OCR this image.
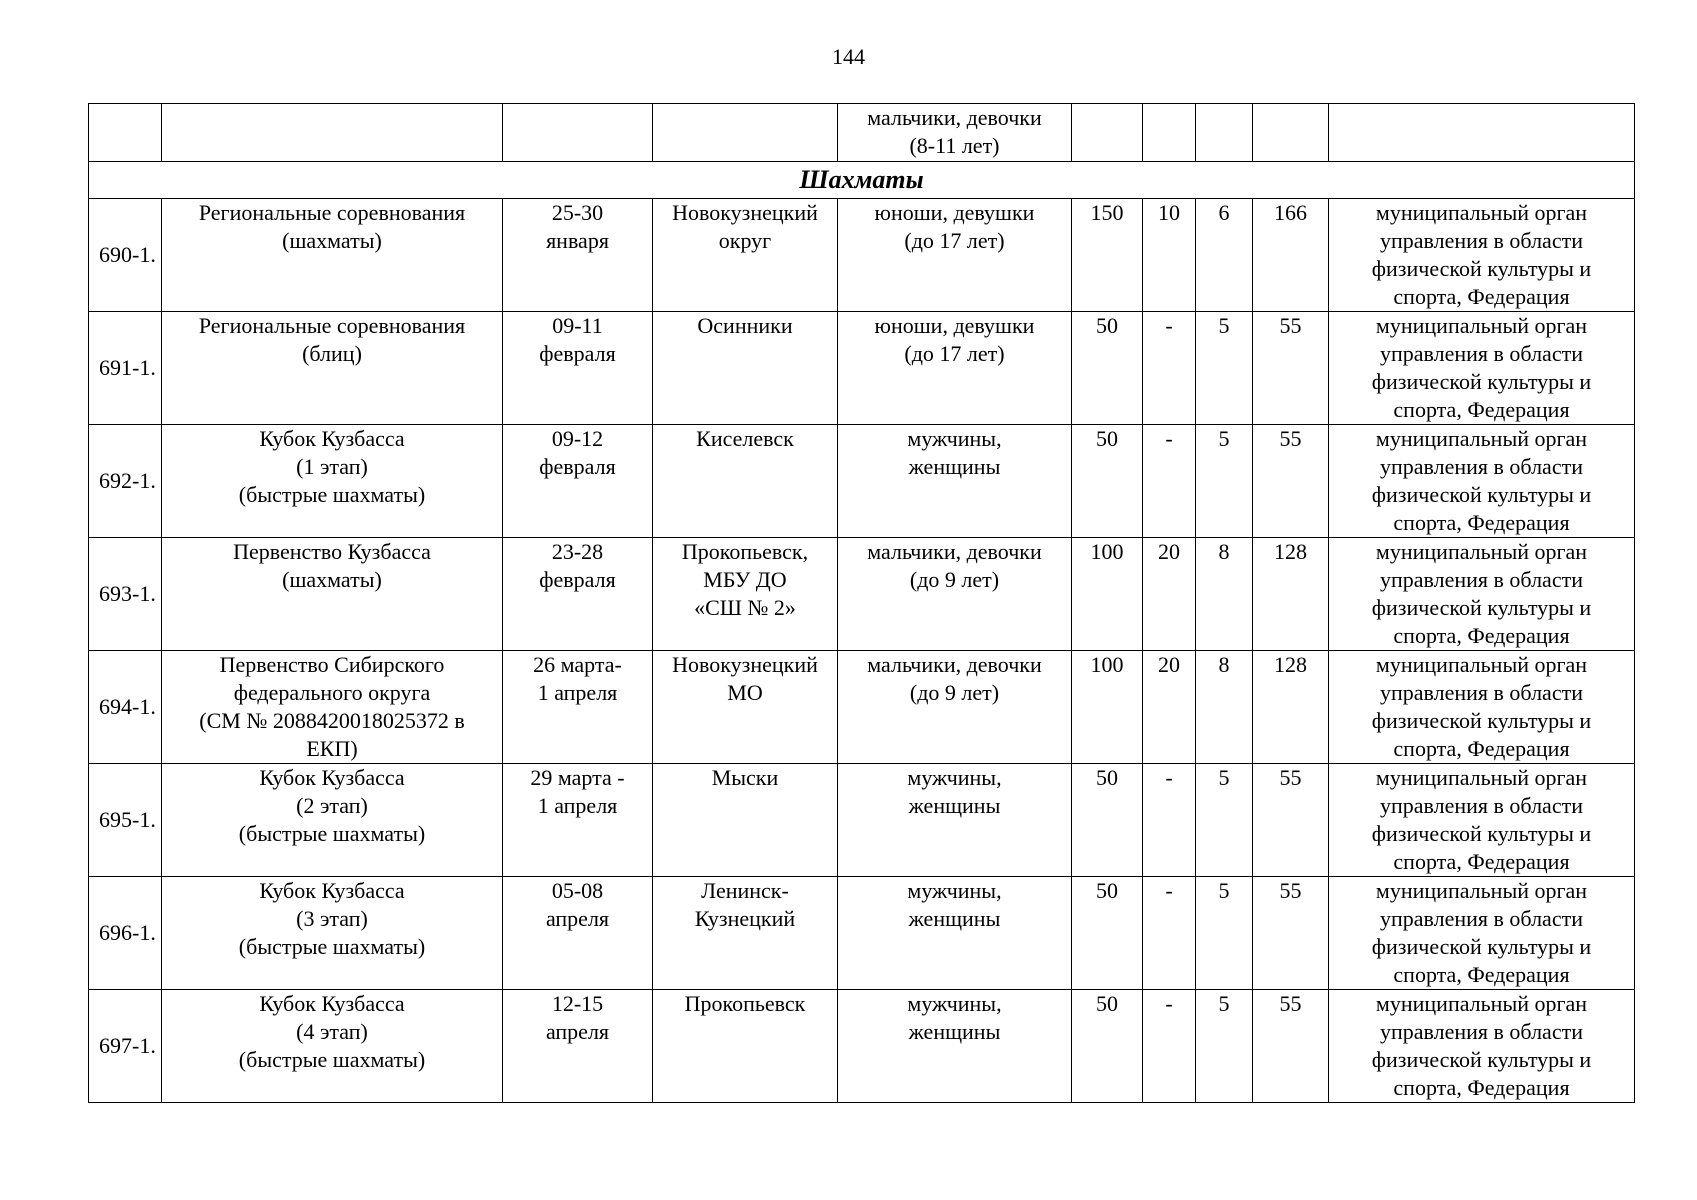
144
				мальчики, девочки
(8-11 лет)					
Шахматы									
690-1.	Региональные соревнования
(шахматы)	25-30
января	Новокузнецкий
округ	юноши, девушки
(до 17 лет)	150	10	6	166	муниципальный орган
управления в области
физической культуры и
спорта, Федерация
691-1.	Региональные соревнования
(блиц)	09-11
февраля	Осинники	юноши, девушки
(до 17 лет)	50	-	5	55	муниципальный орган
управления в области
физической культуры и
спорта, Федерация
692-1.	Кубок Кузбасса
(1 этап)
(быстрые шахматы)	09-12
февраля	Киселевск	мужчины,
женщины	50	-	5	55	муниципальный орган
управления в области
физической культуры и
спорта, Федерация
693-1.	Первенство Кузбасса
(шахматы)	23-28
февраля	Прокопьевск,
МБУ ДО
«СШ № 2»	мальчики, девочки
(до 9 лет)	100	20	8	128	муниципальный орган
управления в области
физической культуры и
спорта, Федерация
694-1.	Первенство Сибирского
федерального округа
(СМ № 2088420018025372 в
ЕКП)	26 марта-
1 апреля	Новокузнецкий
МО	мальчики, девочки
(до 9 лет)	100	20	8	128	муниципальный орган
управления в области
физической культуры и
спорта, Федерация
695-1.	Кубок Кузбасса
(2 этап)
(быстрые шахматы)	29 марта -
1 апреля	Мыски	мужчины,
женщины	50	-	5	55	муниципальный орган
управления в области
физической культуры и
спорта, Федерация
696-1.	Кубок Кузбасса
(3 этап)
(быстрые шахматы)	05-08
апреля	Ленинск-
Кузнецкий	мужчины,
женщины	50	-	5	55	муниципальный орган
управления в области
физической культуры и
спорта, Федерация
697-1.	Кубок Кузбасса
(4 этап)
(быстрые шахматы)	12-15
апреля	Прокопьевск	мужчины,
женщины	50	-	5	55	муниципальный орган
управления в области
физической культуры и
спорта, Федерация
